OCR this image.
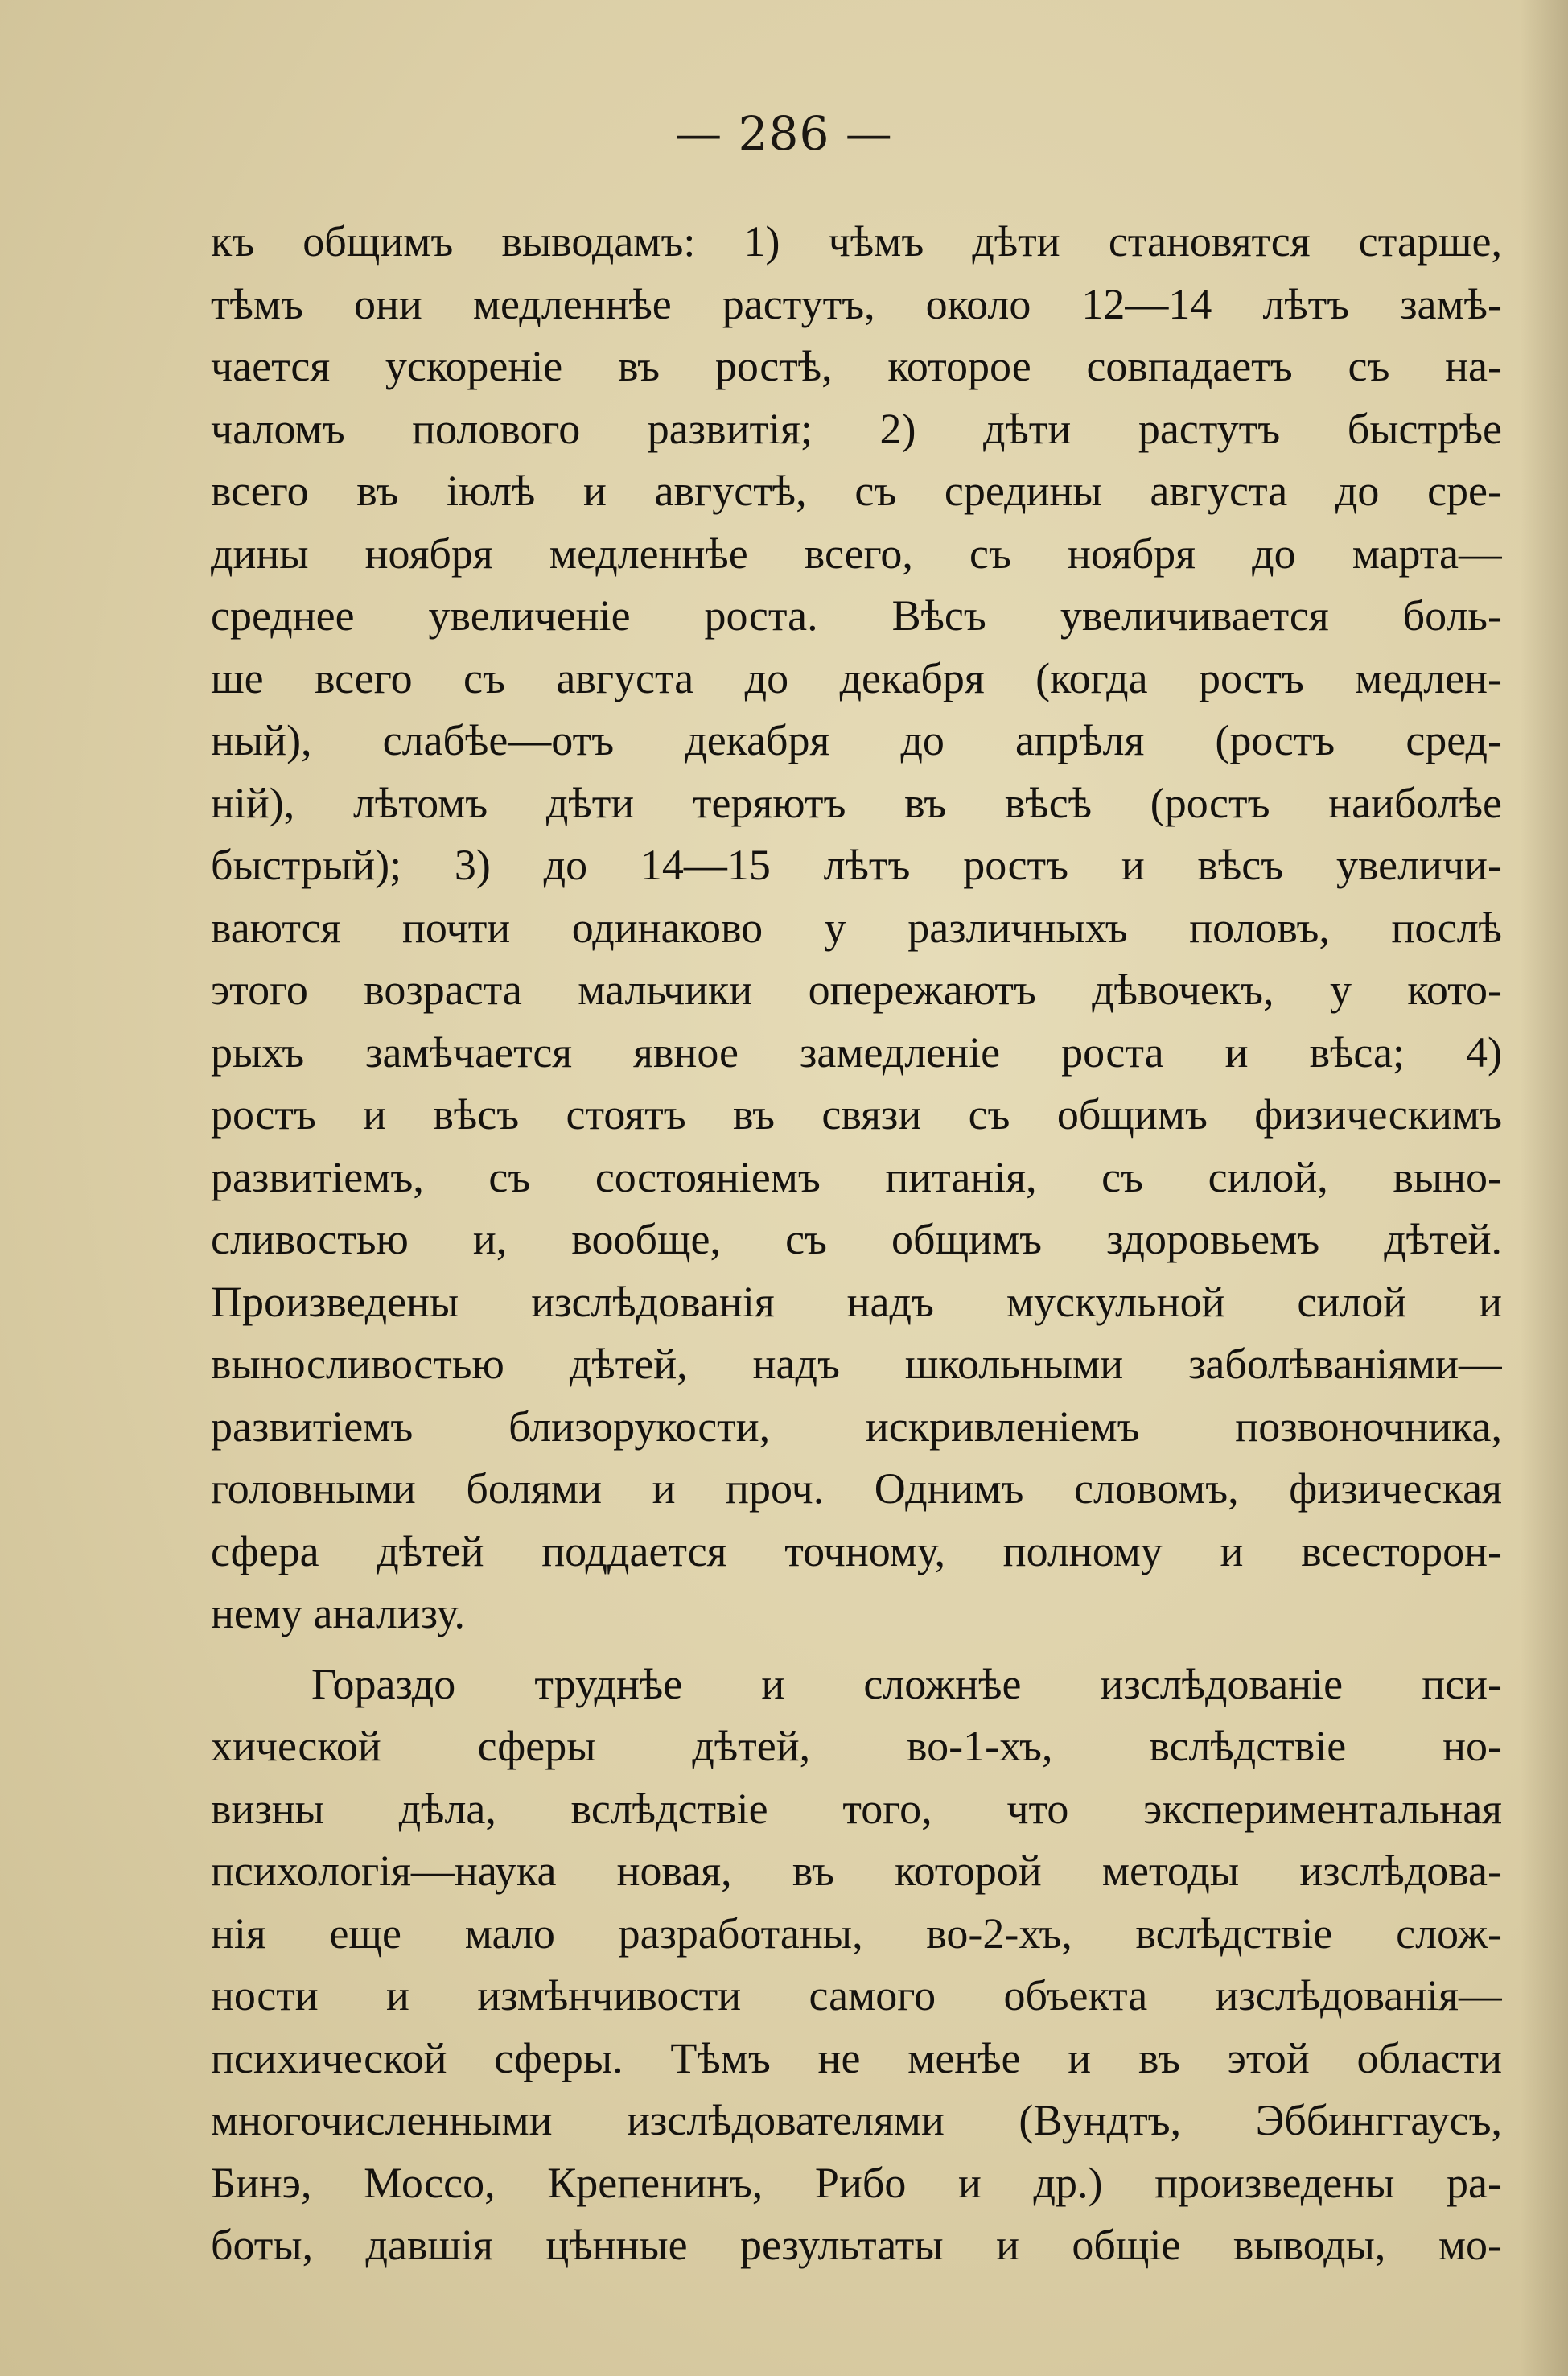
— 286 —
къ общимъ выводамъ: 1) чѣмъ дѣти становятся старше,
тѣмъ они медленнѣе растутъ, около 12—14 лѣтъ замѣ-
чается ускореніе въ ростѣ, которое совпадаетъ съ на-
чаломъ полового развитія; 2) дѣти растутъ быстрѣе
всего въ іюлѣ и августѣ, съ средины августа до сре-
дины ноября медленнѣе всего, съ ноября до марта—
среднее увеличеніе роста. Вѣсъ увеличивается боль-
ше всего съ августа до декабря (когда ростъ медлен-
ный), слабѣе—отъ декабря до апрѣля (ростъ сред-
ній), лѣтомъ дѣти теряютъ въ вѣсѣ (ростъ наиболѣе
быстрый); 3) до 14—15 лѣтъ ростъ и вѣсъ увеличи-
ваются почти одинаково у различныхъ половъ, послѣ
этого возраста мальчики опережаютъ дѣвочекъ, у кото-
рыхъ замѣчается явное замедленіе роста и вѣса; 4)
ростъ и вѣсъ стоятъ въ связи съ общимъ физическимъ
развитіемъ, съ состояніемъ питанія, съ силой, выно-
сливостью и, вообще, съ общимъ здоровьемъ дѣтей.
Произведены изслѣдованія надъ мускульной силой и
выносливостью дѣтей, надъ школьными заболѣваніями—
развитіемъ близорукости, искривленіемъ позвоночника,
головными болями и проч. Однимъ словомъ, физическая
сфера дѣтей поддается точному, полному и всесторон-
нему анализу.
Гораздо труднѣе и сложнѣе изслѣдованіе пси-
хической сферы дѣтей, во-1-хъ, вслѣдствіе но-
визны дѣла, вслѣдствіе того, что экспериментальная
психологія—наука новая, въ которой методы изслѣдова-
нія еще мало разработаны, во-2-хъ, вслѣдствіе слож-
ности и измѣнчивости самого объекта изслѣдованія—
психической сферы. Тѣмъ не менѣе и въ этой области
многочисленными изслѣдователями (Вундтъ, Эббинггаусъ,
Бинэ, Моссо, Крепенинъ, Рибо и др.) произведены ра-
боты, давшія цѣнные результаты и общіе выводы, мо-
